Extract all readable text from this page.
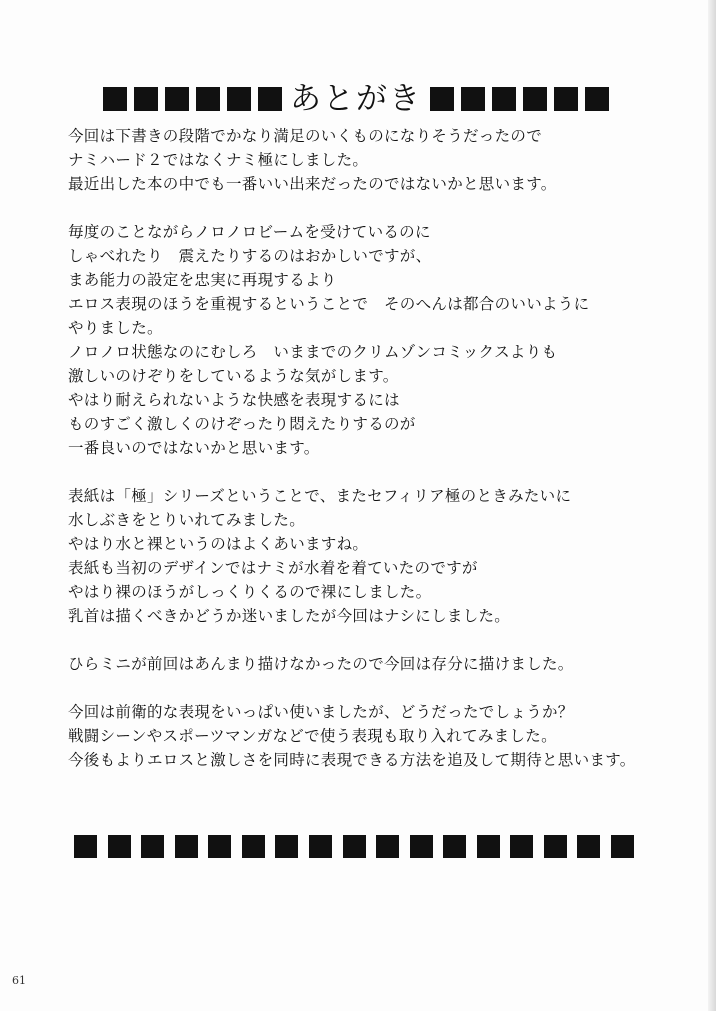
あとがき
今回は下書きの段階でかなり満足のいくものになりそうだったので
ナミハード２ではなくナミ極にしました。
最近出した本の中でも一番いい出来だったのではないかと思います。
毎度のことながらノロノロビームを受けているのに
しゃべれたり　震えたりするのはおかしいですが、
まあ能力の設定を忠実に再現するより
エロス表現のほうを重視するということで　そのへんは都合のいいように
やりました。
ノロノロ状態なのにむしろ　いままでのクリムゾンコミックスよりも
激しいのけぞりをしているような気がします。
やはり耐えられないような快感を表現するには
ものすごく激しくのけぞったり悶えたりするのが
一番良いのではないかと思います。
表紙は「極」シリーズということで、またセフィリア極のときみたいに
水しぶきをとりいれてみました。
やはり水と裸というのはよくあいますね。
表紙も当初のデザインではナミが水着を着ていたのですが
やはり裸のほうがしっくりくるので裸にしました。
乳首は描くべきかどうか迷いましたが今回はナシにしました。
ひらミニが前回はあんまり描けなかったので今回は存分に描けました。
今回は前衛的な表現をいっぱい使いましたが、どうだったでしょうか？
戦闘シーンやスポーツマンガなどで使う表現も取り入れてみました。
今後もよりエロスと激しさを同時に表現できる方法を追及して期待と思います。
61
